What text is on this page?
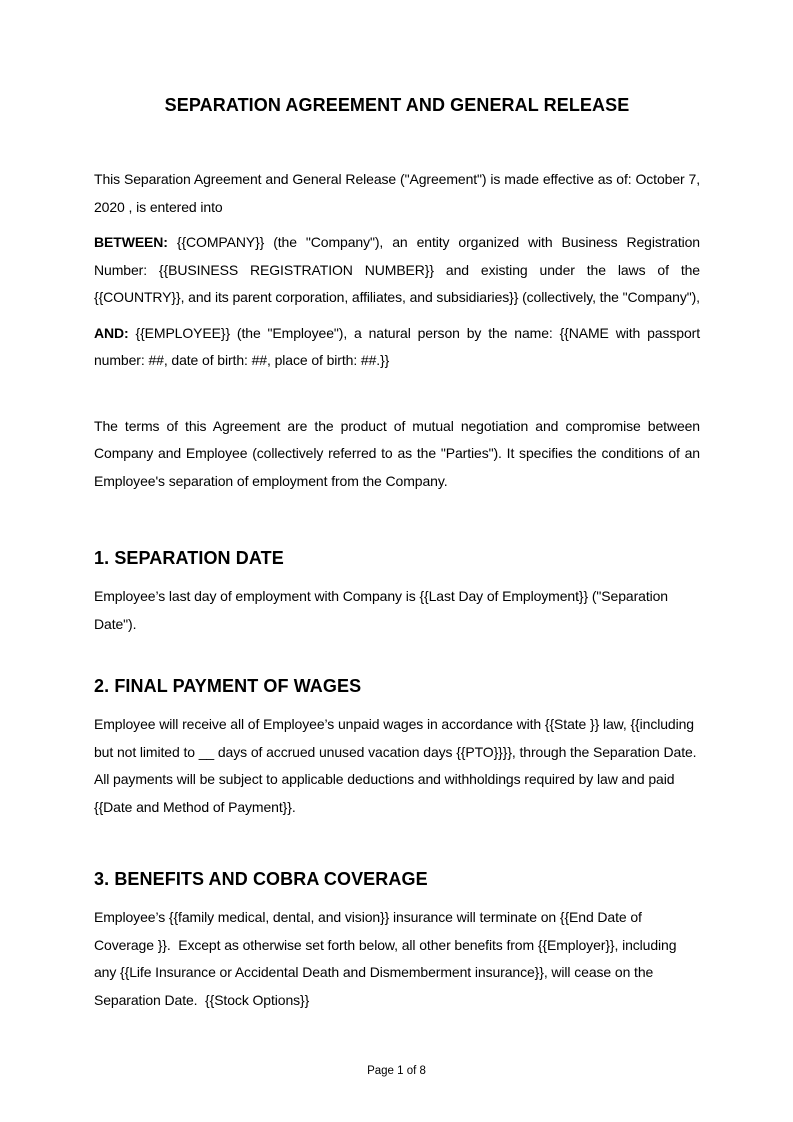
SEPARATION AGREEMENT AND GENERAL RELEASE

This Separation Agreement and General Release ("Agreement") is made effective as of: October 7, 2020 , is entered into

BETWEEN: {{COMPANY}} (the "Company"), an entity organized with Business Registration Number: {{BUSINESS REGISTRATION NUMBER}} and existing under the laws of the {{COUNTRY}}, and its parent corporation, affiliates, and subsidiaries}} (collectively, the "Company"),

AND: {{EMPLOYEE}} (the "Employee"), a natural person by the name: {{NAME with passport number: ##, date of birth: ##, place of birth: ##.}}

The terms of this Agreement are the product of mutual negotiation and compromise between Company and Employee (collectively referred to as the "Parties"). It specifies the conditions of an Employee's separation of employment from the Company.

1. SEPARATION DATE

Employee’s last day of employment with Company is {{Last Day of Employment}} ("Separation Date").

2. FINAL PAYMENT OF WAGES

Employee will receive all of Employee’s unpaid wages in accordance with {{State }} law, {{including but not limited to __ days of accrued unused vacation days {{PTO}}}}, through the Separation Date.  All payments will be subject to applicable deductions and withholdings required by law and paid {{Date and Method of Payment}}.

3. BENEFITS AND COBRA COVERAGE

Employee’s {{family medical, dental, and vision}} insurance will terminate on {{End Date of Coverage }}.  Except as otherwise set forth below, all other benefits from {{Employer}}, including any {{Life Insurance or Accidental Death and Dismemberment insurance}}, will cease on the Separation Date.  {{Stock Options}}

Page 1 of 8
